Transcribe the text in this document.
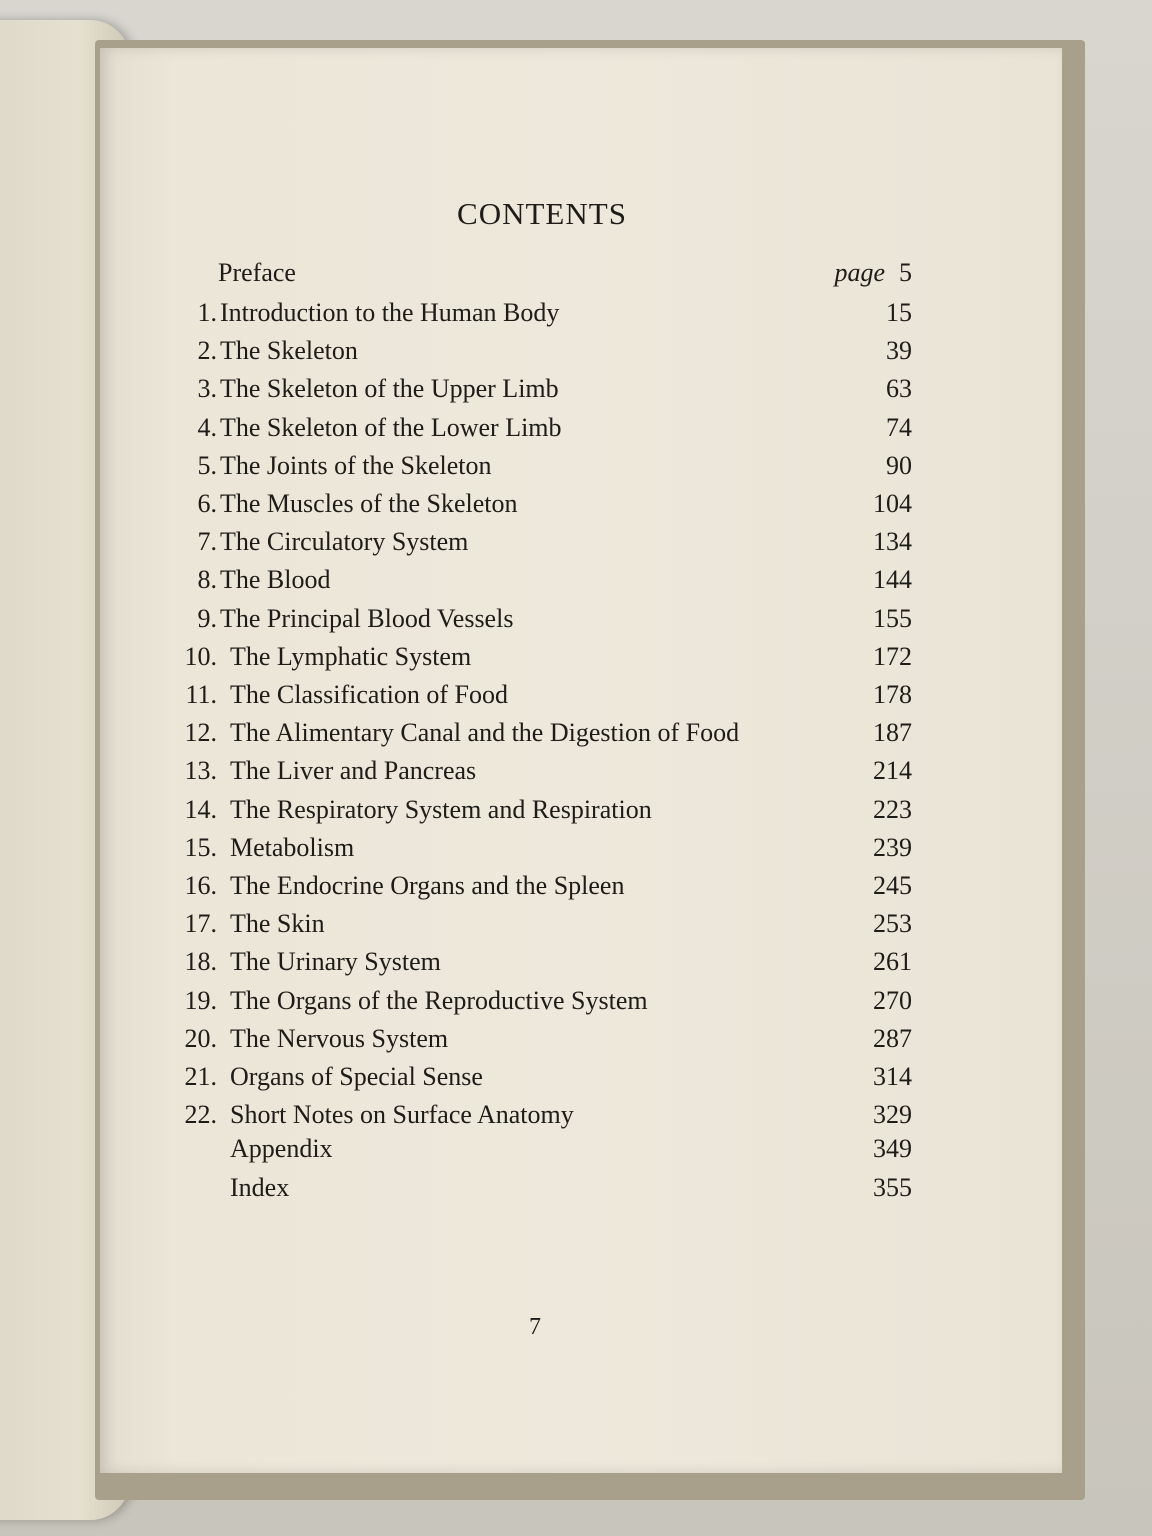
CONTENTS
Preface	page 5
1. Introduction to the Human Body	15
2. The Skeleton	39
3. The Skeleton of the Upper Limb	63
4. The Skeleton of the Lower Limb	74
5. The Joints of the Skeleton	90
6. The Muscles of the Skeleton	104
7. The Circulatory System	134
8. The Blood	144
9. The Principal Blood Vessels	155
10. The Lymphatic System	172
11. The Classification of Food	178
12. The Alimentary Canal and the Digestion of Food	187
13. The Liver and Pancreas	214
14. The Respiratory System and Respiration	223
15. Metabolism	239
16. The Endocrine Organs and the Spleen	245
17. The Skin	253
18. The Urinary System	261
19. The Organs of the Reproductive System	270
20. The Nervous System	287
21. Organs of Special Sense	314
22. Short Notes on Surface Anatomy	329
Appendix	349
Index	355
7
